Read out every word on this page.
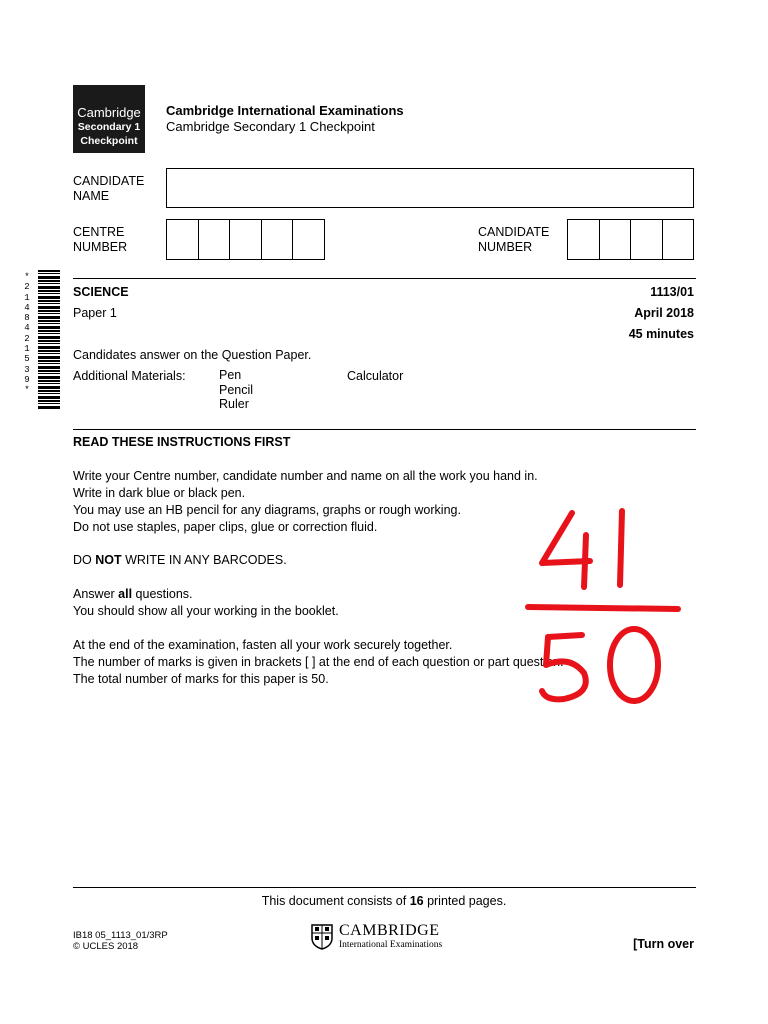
Cambridge
Secondary 1
Checkpoint
Cambridge International Examinations
Cambridge Secondary 1 Checkpoint
CANDIDATE
NAME
CENTRE
NUMBER
CANDIDATE
NUMBER
* 2 1 4 8 4 2 1 5 3 9 *
SCIENCE	1113/01
Paper 1	April 2018
45 minutes
Candidates answer on the Question Paper.
Additional Materials:	Pen
Pencil
Ruler
Calculator
READ THESE INSTRUCTIONS FIRST
Write your Centre number, candidate number and name on all the work you hand in.
Write in dark blue or black pen.
You may use an HB pencil for any diagrams, graphs or rough working.
Do not use staples, paper clips, glue or correction fluid.
DO NOT WRITE IN ANY BARCODES.
Answer all questions.
You should show all your working in the booklet.
At the end of the examination, fasten all your work securely together.
The number of marks is given in brackets [ ] at the end of each question or part question.
The total number of marks for this paper is 50.
This document consists of 16 printed pages.
IB18 05_1113_01/3RP
© UCLES 2018
CAMBRIDGE
International Examinations	[Turn over
